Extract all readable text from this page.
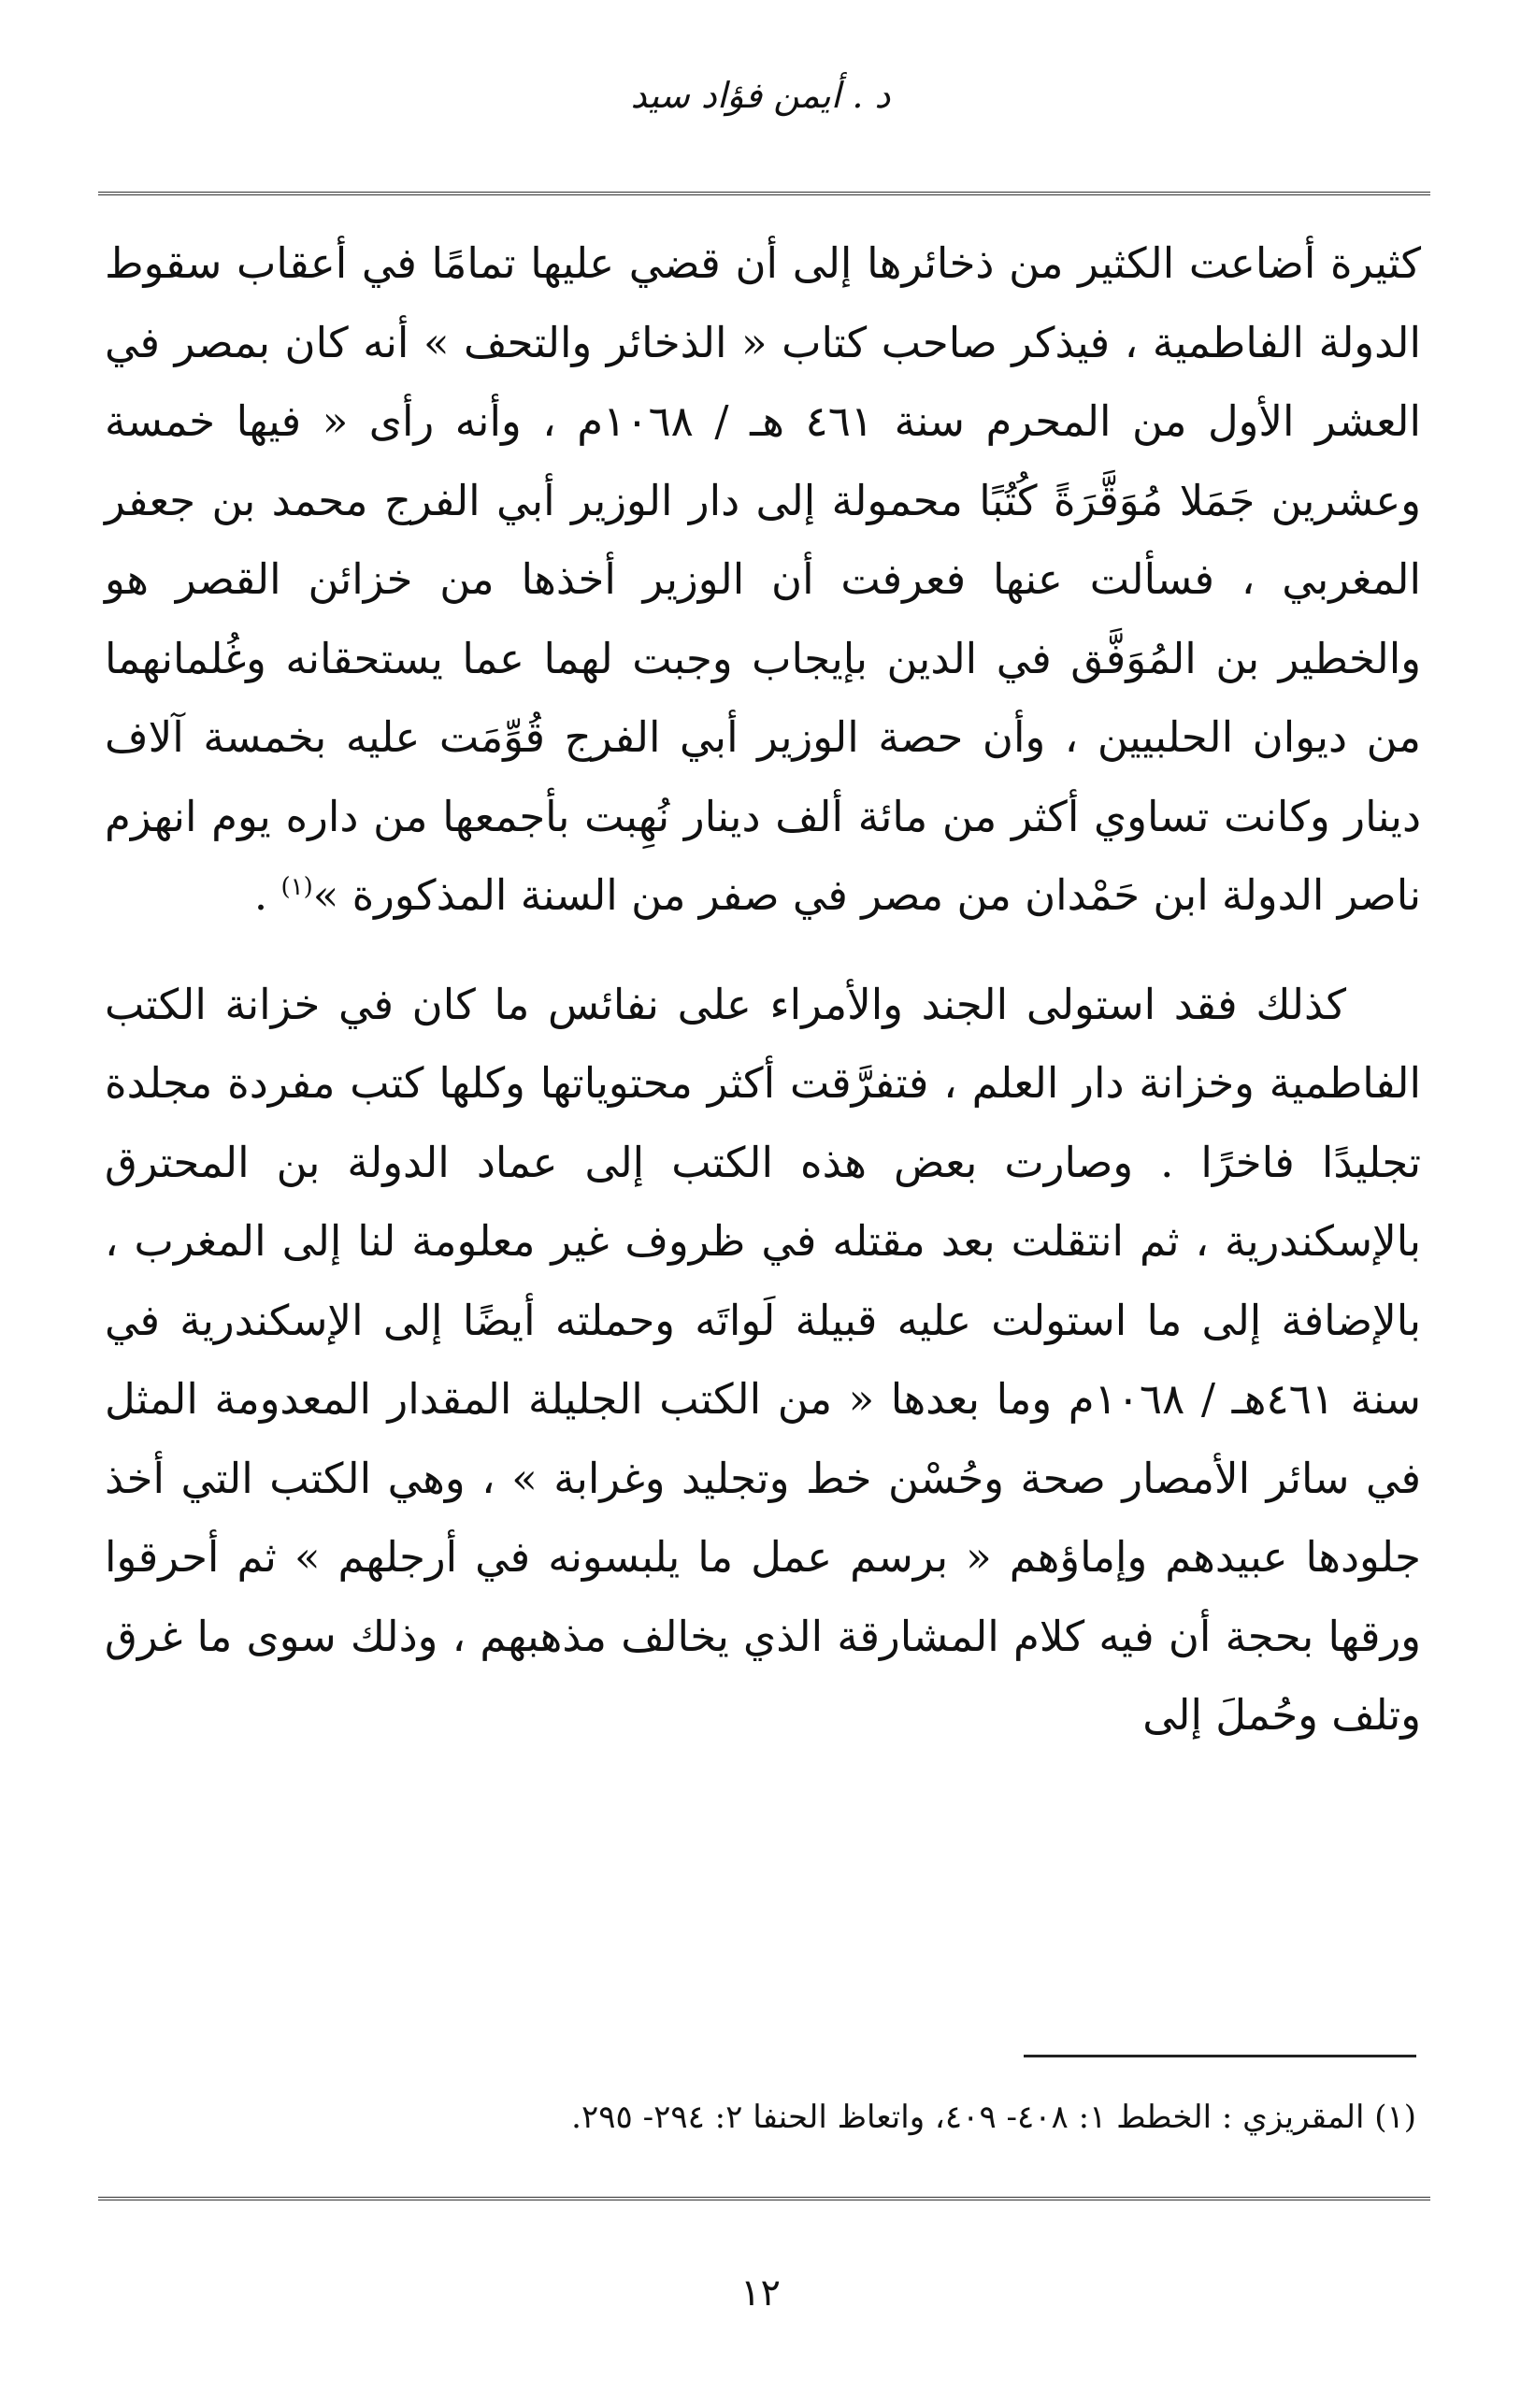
د . أيمن فؤاد سيد

كثيرة أضاعت الكثير من ذخائرها إلى أن قضي عليها تمامًا في أعقاب سقوط الدولة الفاطمية ، فيذكر صاحب كتاب « الذخائر والتحف » أنه كان بمصر في العشر الأول من المحرم سنة ٤٦١ هـ / ١٠٦٨م ، وأنه رأى « فيها خمسة وعشرين جَمَلا مُوَقَّرَةً كُتُبًا محمولة إلى دار الوزير أبي الفرج محمد بن جعفر المغربي ، فسألت عنها فعرفت أن الوزير أخذها من خزائن القصر هو والخطير بن المُوَفَّق في الدين بإيجاب وجبت لهما عما يستحقانه وغُلمانهما من ديوان الحلبيين ، وأن حصة الوزير أبي الفرج قُوِّمَت عليه بخمسة آلاف دينار وكانت تساوي أكثر من مائة ألف دينار نُهِبت بأجمعها من داره يوم انهزم ناصر الدولة ابن حَمْدان من مصر في صفر من السنة المذكورة »$^{(١)}$ .

كذلك فقد استولى الجند والأمراء على نفائس ما كان في خزانة الكتب الفاطمية وخزانة دار العلم ، فتفرَّقت أكثر محتوياتها وكلها كتب مفردة مجلدة تجليدًا فاخرًا . وصارت بعض هذه الكتب إلى عماد الدولة بن المحترق بالإسكندرية ، ثم انتقلت بعد مقتله في ظروف غير معلومة لنا إلى المغرب ، بالإضافة إلى ما استولت عليه قبيلة لَواتَه وحملته أيضًا إلى الإسكندرية في سنة ٤٦١هـ / ١٠٦٨م وما بعدها « من الكتب الجليلة المقدار المعدومة المثل في سائر الأمصار صحة وحُسْن خط وتجليد وغرابة » ، وهي الكتب التي أخذ جلودها عبيدهم وإماؤهم « برسم عمل ما يلبسونه في أرجلهم » ثم أحرقوا ورقها بحجة أن فيه كلام المشارقة الذي يخالف مذهبهم ، وذلك سوى ما غرق وتلف وحُملَ إلى

(١) المقريزي : الخطط ١: ٤٠٨- ٤٠٩، واتعاظ الحنفا ٢: ٢٩٤- ٢٩٥.
١٢
